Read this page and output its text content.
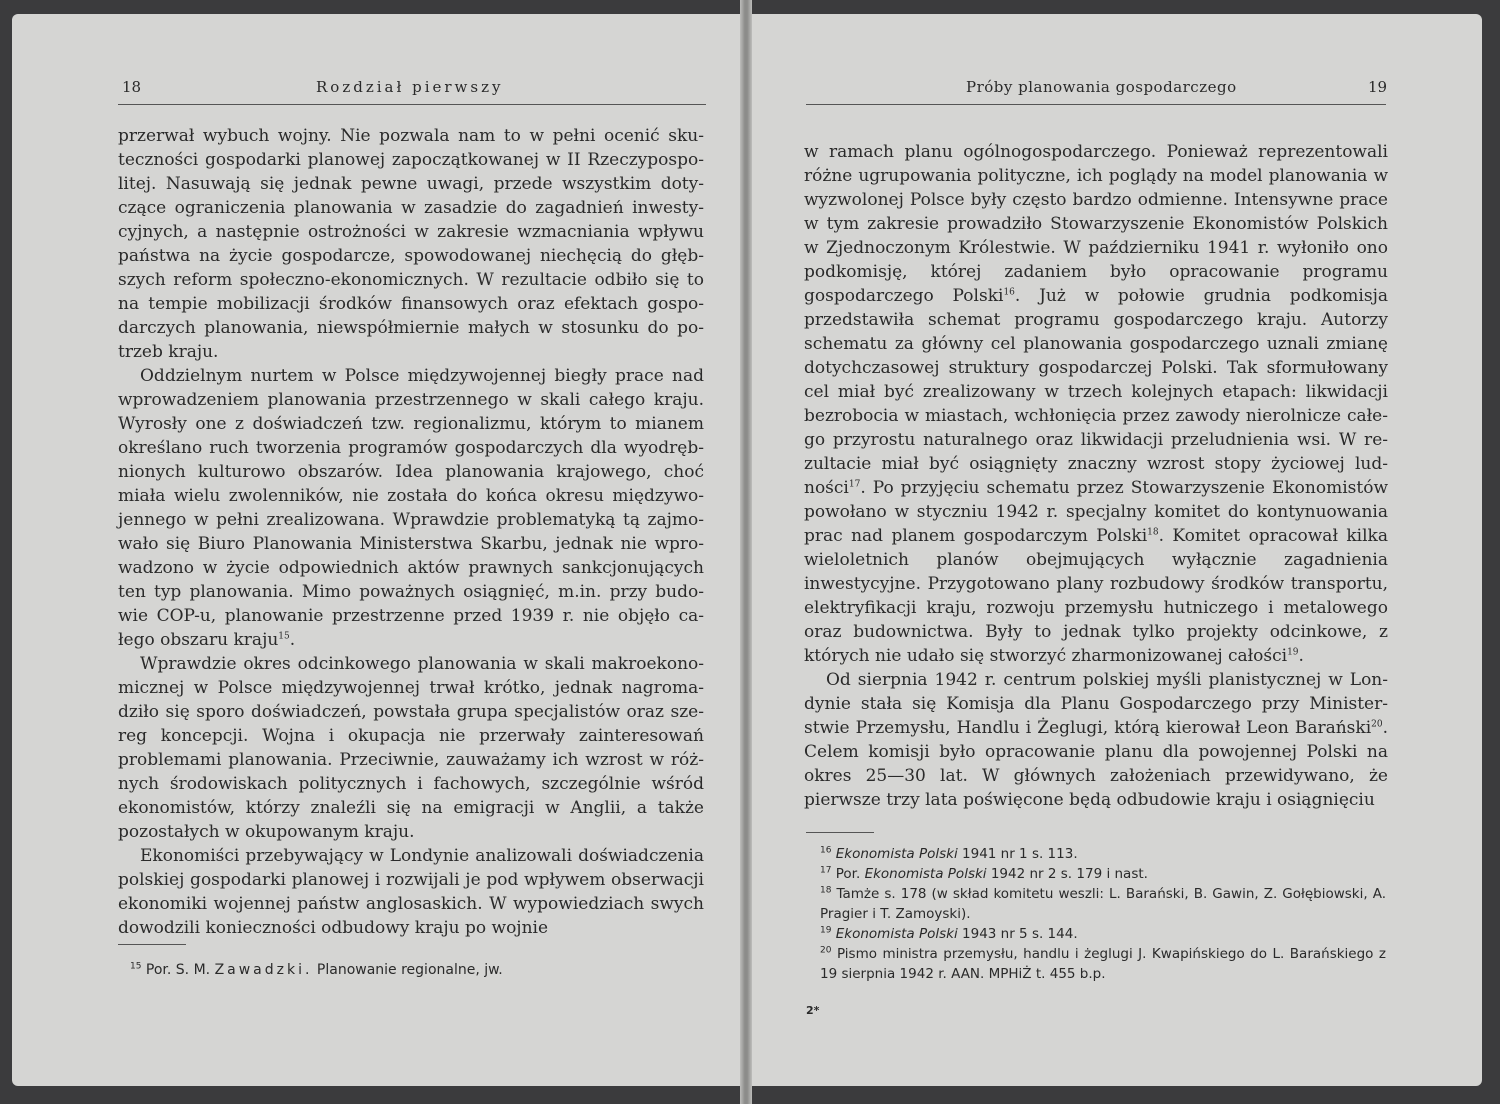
18	Rozdział pierwszy

przerwał wybuch wojny. Nie pozwala nam to w pełni ocenić skuteczności gospodarki planowej zapoczątkowanej w II Rzeczypospolitej. Nasuwają się jednak pewne uwagi, przede wszystkim dotyczące ograniczenia planowania w zasadzie do zagadnień inwestycyjnych, a następnie ostrożności w zakresie wzmacniania wpływu państwa na życie gospodarcze, spowodowanej niechęcią do głębszych reform społeczno-ekonomicznych. W rezultacie odbiło się to na tempie mobilizacji środków finansowych oraz efektach gospodarczych planowania, niewspółmiernie małych w stosunku do potrzeb kraju.

Oddzielnym nurtem w Polsce międzywojennej biegły prace nad wprowadzeniem planowania przestrzennego w skali całego kraju. Wyrosły one z doświadczeń tzw. regionalizmu, którym to mianem określano ruch tworzenia programów gospodarczych dla wyodrębnionych kulturowo obszarów. Idea planowania krajowego, choć miała wielu zwolenników, nie została do końca okresu międzywojennego w pełni zrealizowana. Wprawdzie problematyką tą zajmowało się Biuro Planowania Ministerstwa Skarbu, jednak nie wprowadzono w życie odpowiednich aktów prawnych sankcjonujących ten typ planowania. Mimo poważnych osiągnięć, m.in. przy budowie COP-u, planowanie przestrzenne przed 1939 r. nie objęło całego obszaru kraju$^{15}$.

Wprawdzie okres odcinkowego planowania w skali makroekonomicznej w Polsce międzywojennej trwał krótko, jednak nagromadziło się sporo doświadczeń, powstała grupa specjalistów oraz szereg koncepcji. Wojna i okupacja nie przerwały zainteresowań problemami planowania. Przeciwnie, zauważamy ich wzrost w różnych środowiskach politycznych i fachowych, szczególnie wśród ekonomistów, którzy znaleźli się na emigracji w Anglii, a także pozostałych w okupowanym kraju.

Ekonomiści przebywający w Londynie analizowali doświadczenia polskiej gospodarki planowej i rozwijali je pod wpływem obserwacji ekonomiki wojennej państw anglosaskich. W wypowiedziach swych dowodzili konieczności odbudowy kraju po wojnie

$^{15}$ Por. S. M. Zawadzki. Planowanie regionalne, jw.
Próby planowania gospodarczego	19

w ramach planu ogólnogospodarczego. Ponieważ reprezentowali różne ugrupowania polityczne, ich poglądy na model planowania w wyzwolonej Polsce były często bardzo odmienne. Intensywne prace w tym zakresie prowadziło Stowarzyszenie Ekonomistów Polskich w Zjednoczonym Królestwie. W październiku 1941 r. wyłoniło ono podkomisję, której zadaniem było opracowanie programu gospodarczego Polski$^{16}$. Już w połowie grudnia podkomisja przedstawiła schemat programu gospodarczego kraju. Autorzy schematu za główny cel planowania gospodarczego uznali zmianę dotychczasowej struktury gospodarczej Polski. Tak sformułowany cel miał być zrealizowany w trzech kolejnych etapach: likwidacji bezrobocia w miastach, wchłonięcia przez zawody nierolnicze całego przyrostu naturalnego oraz likwidacji przeludnienia wsi. W rezultacie miał być osiągnięty znaczny wzrost stopy życiowej ludności$^{17}$. Po przyjęciu schematu przez Stowarzyszenie Ekonomistów powołano w styczniu 1942 r. specjalny komitet do kontynuowania prac nad planem gospodarczym Polski$^{18}$. Komitet opracował kilka wieloletnich planów obejmujących wyłącznie zagadnienia inwestycyjne. Przygotowano plany rozbudowy środków transportu, elektryfikacji kraju, rozwoju przemysłu hutniczego i metalowego oraz budownictwa. Były to jednak tylko projekty odcinkowe, z których nie udało się stworzyć zharmonizowanej całości$^{19}$.

Od sierpnia 1942 r. centrum polskiej myśli planistycznej w Londynie stała się Komisja dla Planu Gospodarczego przy Ministerstwie Przemysłu, Handlu i Żeglugi, którą kierował Leon Barański$^{20}$. Celem komisji było opracowanie planu dla powojennej Polski na okres 25—30 lat. W głównych założeniach przewidywano, że pierwsze trzy lata poświęcone będą odbudowie kraju i osiągnięciu

$^{16}$ Ekonomista Polski 1941 nr 1 s. 113.
$^{17}$ Por. Ekonomista Polski 1942 nr 2 s. 179 i nast.
$^{18}$ Tamże s. 178 (w skład komitetu weszli: L. Barański, B. Gawin, Z. Gołębiowski, A. Pragier i T. Zamoyski).
$^{19}$ Ekonomista Polski 1943 nr 5 s. 144.
$^{20}$ Pismo ministra przemysłu, handlu i żeglugi J. Kwapińskiego do L. Barańskiego z 19 sierpnia 1942 r. AAN. MPHiŻ t. 455 b.p.
2*
